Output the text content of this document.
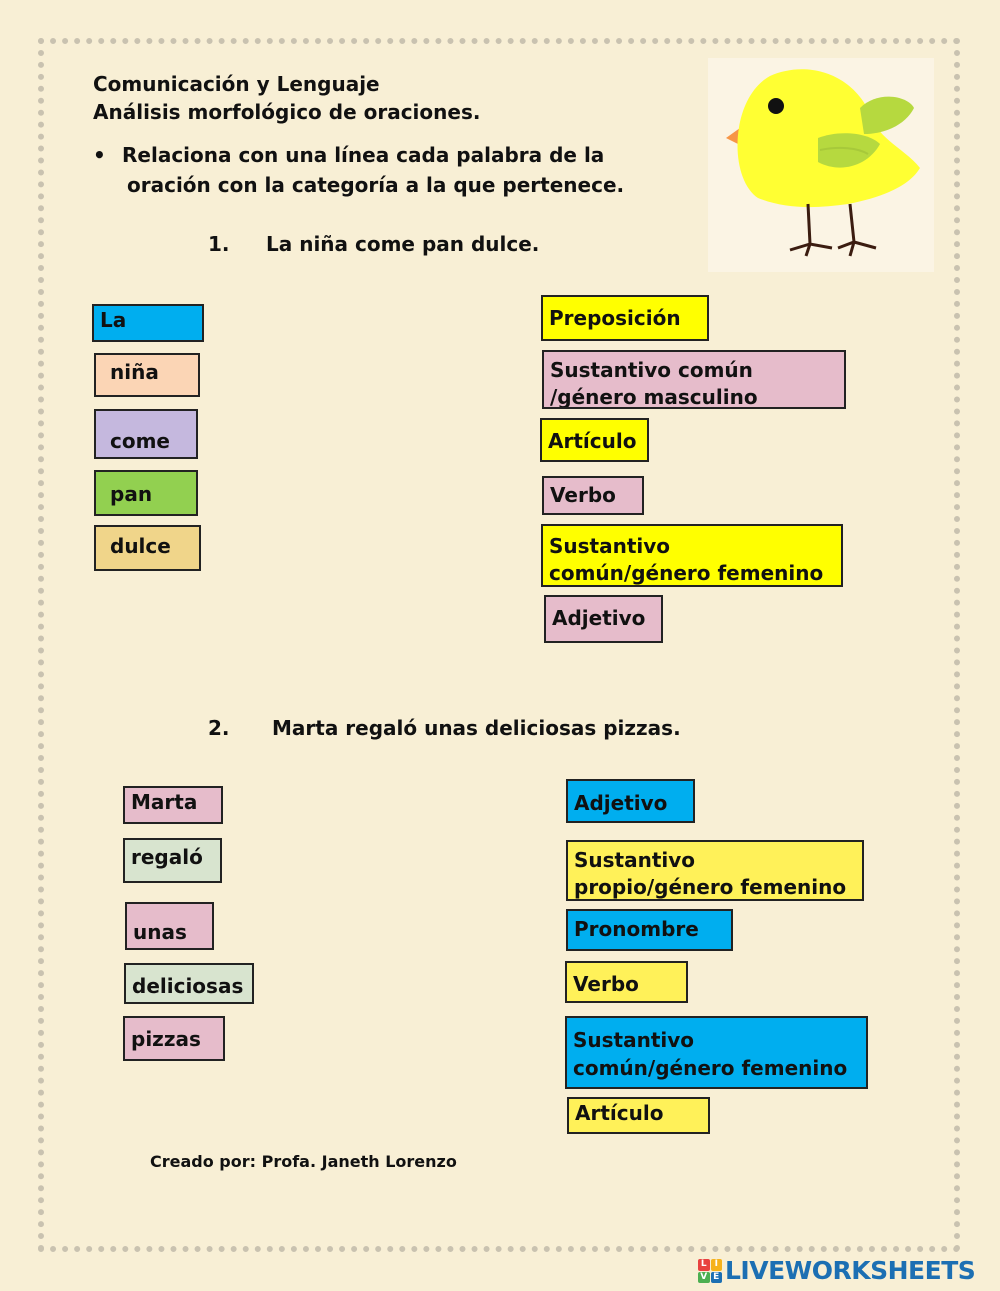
Comunicación y Lenguaje

Análisis morfológico de oraciones.

• Relaciona con una línea cada palabra de la

oración con la categoría a la que pertenece.

1. La niña come pan dulce.

La
niña
come
pan
dulce
Preposición
Sustantivo común /género masculino
Artículo
Verbo
Sustantivo común/género femenino
Adjetivo

2. Marta regaló unas deliciosas pizzas.

Marta
regaló
unas
deliciosas
pizzas
Adjetivo
Sustantivo propio/género femenino
Pronombre
Verbo
Sustantivo común/género femenino
Artículo

Creado por: Profa. Janeth Lorenzo

L I
V E LIVEWORKSHEETS
